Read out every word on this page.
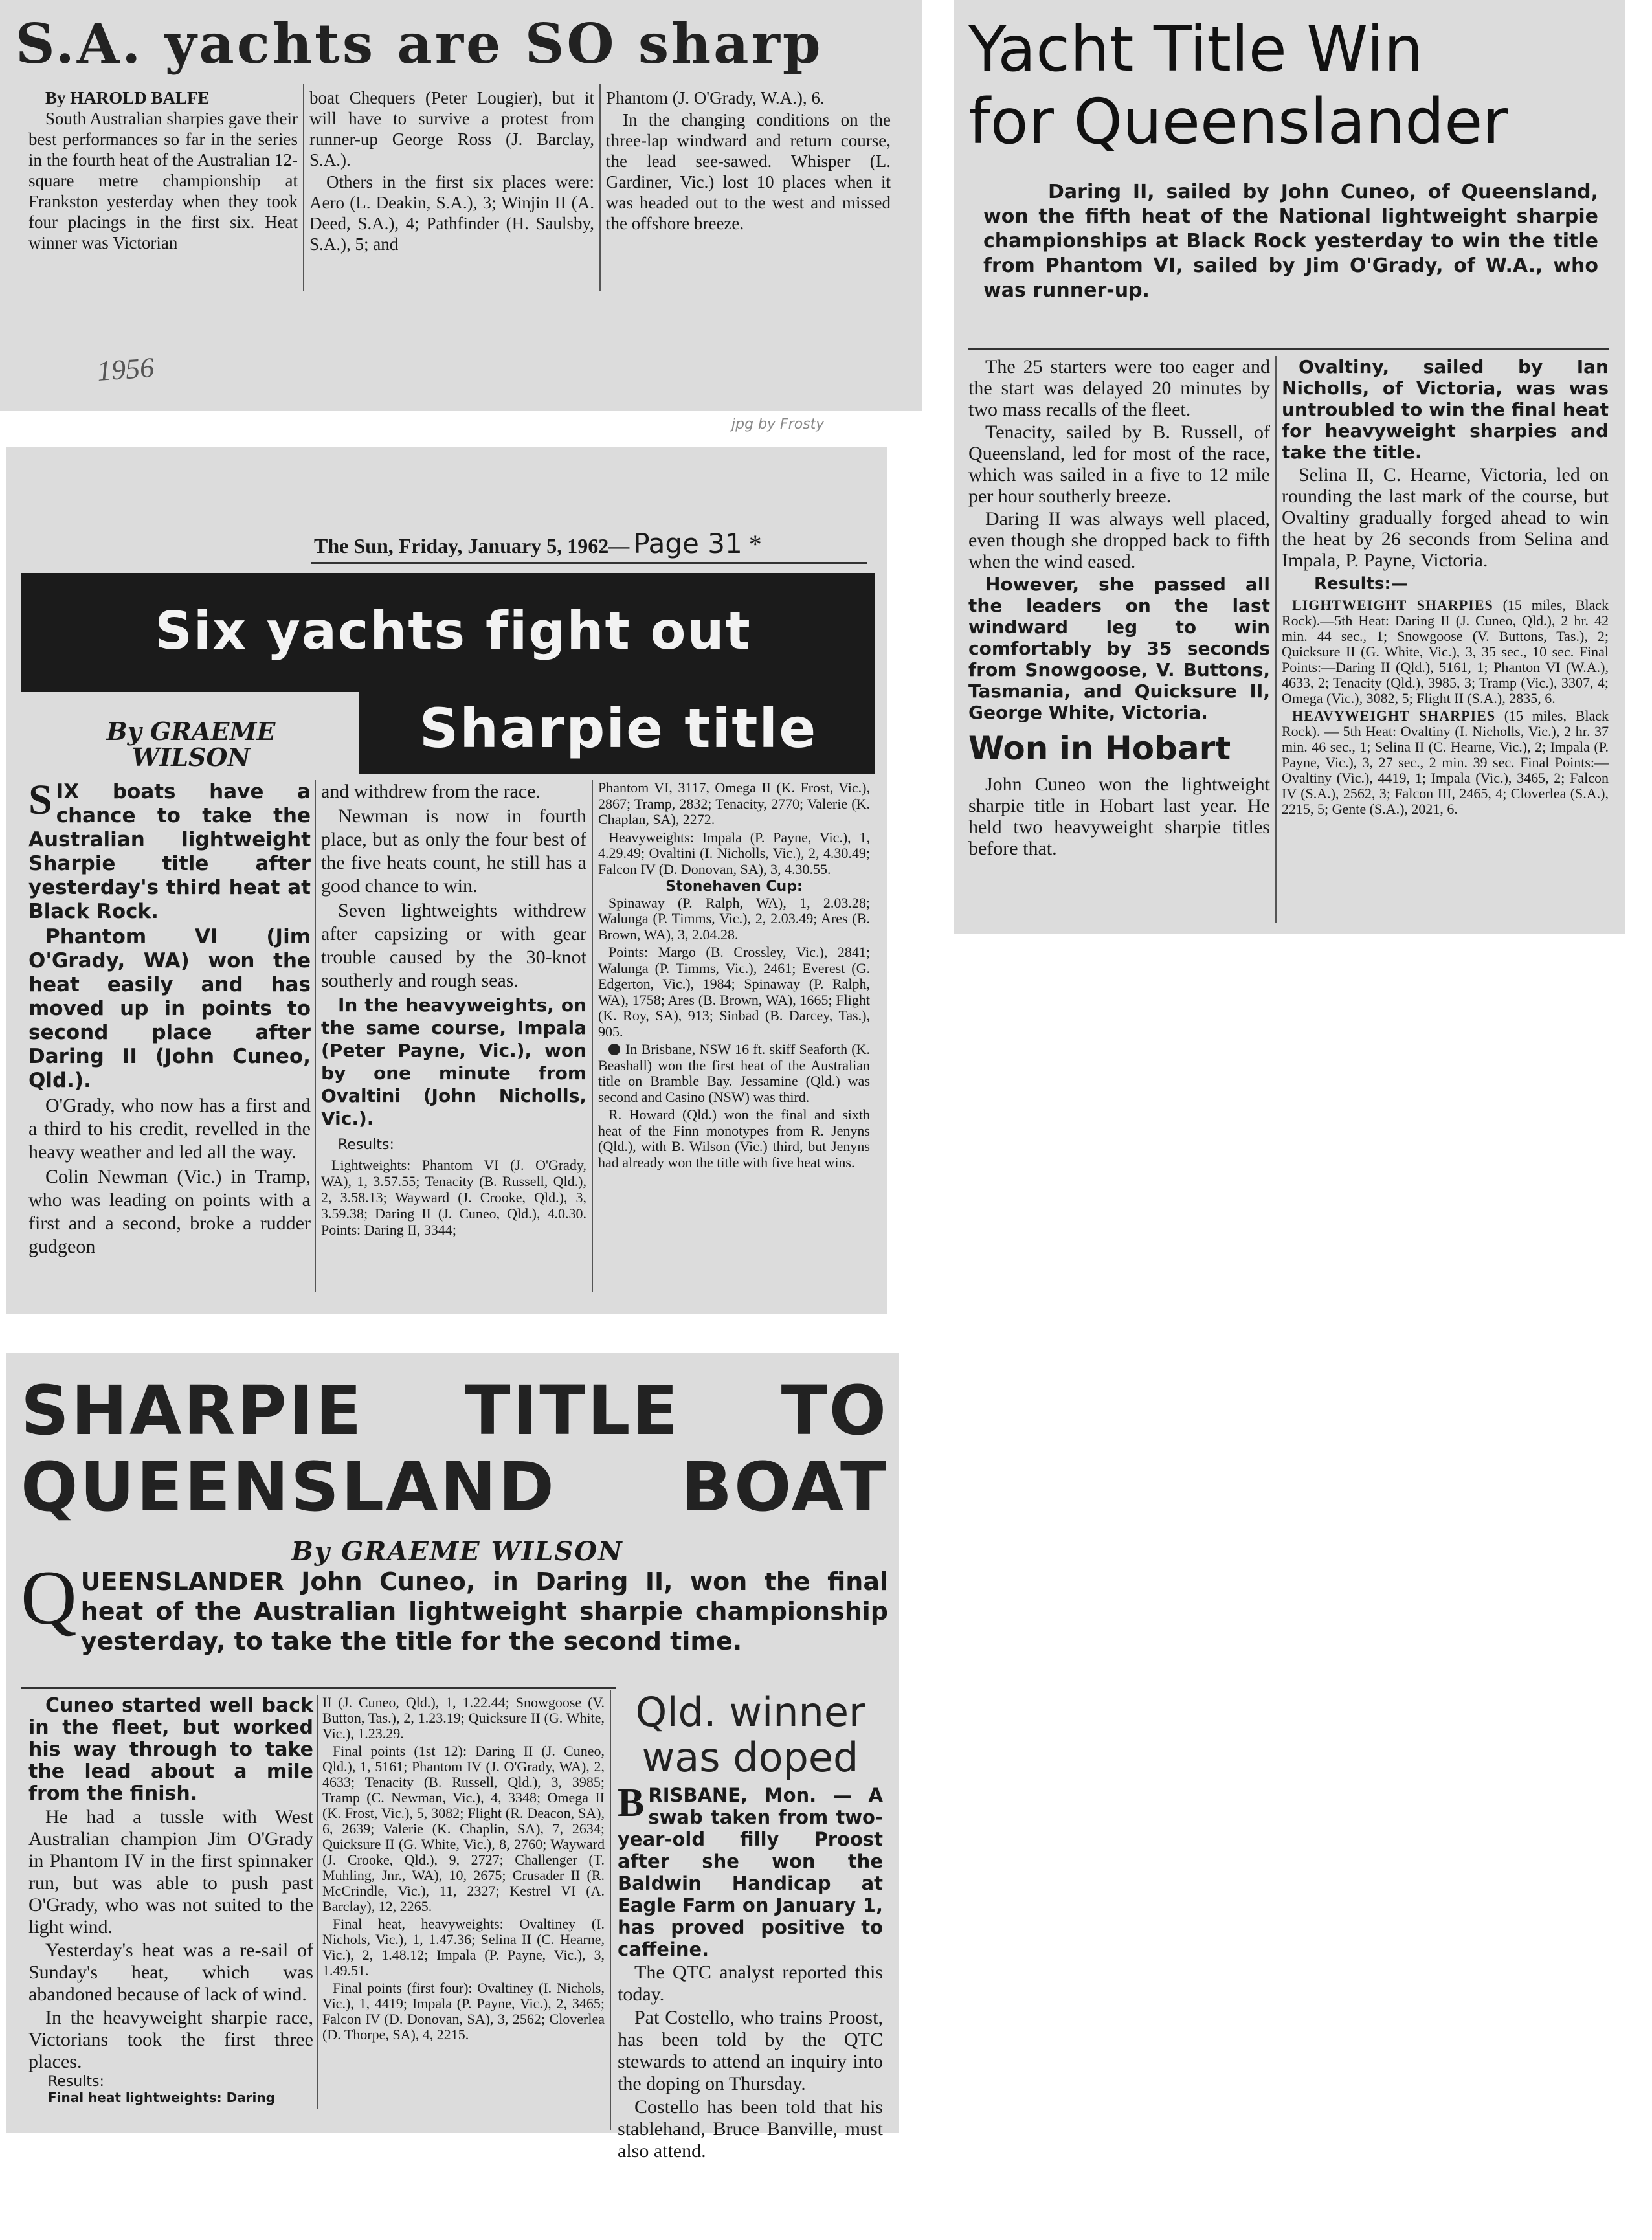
S.A. yachts are SO sharp
By HAROLD BALFE

South Australian sharpies gave their best performances so far in the series in the fourth heat of the Australian 12-square metre championship at Frankston yesterday when they took four placings in the first six. Heat winner was Victorian

boat Chequers (Peter Lougier), but it will have to survive a protest from runner-up George Ross (J. Barclay, S.A.).

Others in the first six places were: Aero (L. Deakin, S.A.), 3; Winjin II (A. Deed, S.A.), 4; Pathfinder (H. Saulsby, S.A.), 5; and

Phantom (J. O'Grady, W.A.), 6.

In the changing conditions on the three-lap windward and return course, the lead see-sawed. Whisper (L. Gardiner, Vic.) lost 10 places when it was headed out to the west and missed the offshore breeze.

1956
jpg by Frosty
The Sun, Friday, January 5, 1962— Page 31 *
Six yachts fight out
Sharpie title
By GRAEME
WILSON

SIX boats have a chance to take the Australian lightweight Sharpie title after yesterday's third heat at Black Rock.

Phantom VI (Jim O'Grady, WA) won the heat easily and has moved up in points to second place after Daring II (John Cuneo, Qld.).

O'Grady, who now has a first and a third to his credit, revelled in the heavy weather and led all the way.

Colin Newman (Vic.) in Tramp, who was leading on points with a first and a second, broke a rudder gudgeon

and withdrew from the race.

Newman is now in fourth place, but as only the four best of the five heats count, he still has a good chance to win.

Seven lightweights withdrew after capsizing or with gear trouble caused by the 30-knot southerly and rough seas.

In the heavyweights, on the same course, Impala (Peter Payne, Vic.), won by one minute from Ovaltini (John Nicholls, Vic.).

Results:

Lightweights: Phantom VI (J. O'Grady, WA), 1, 3.57.55; Tenacity (B. Russell, Qld.), 2, 3.58.13; Wayward (J. Crooke, Qld.), 3, 3.59.38; Daring II (J. Cuneo, Qld.), 4.0.30. Points: Daring II, 3344;

Phantom VI, 3117, Omega II (K. Frost, Vic.), 2867; Tramp, 2832; Tenacity, 2770; Valerie (K. Chaplan, SA), 2272.

Heavyweights: Impala (P. Payne, Vic.), 1, 4.29.49; Ovaltini (I. Nicholls, Vic.), 2, 4.30.49; Falcon IV (D. Donovan, SA), 3, 4.30.55.

Stonehaven Cup:

Spinaway (P. Ralph, WA), 1, 2.03.28; Walunga (P. Timms, Vic.), 2, 2.03.49; Ares (B. Brown, WA), 3, 2.04.28.

Points: Margo (B. Crossley, Vic.), 2841; Walunga (P. Timms, Vic.), 2461; Everest (G. Edgerton, Vic.), 1984; Spinaway (P. Ralph, WA), 1758; Ares (B. Brown, WA), 1665; Flight (K. Roy, SA), 913; Sinbad (B. Darcey, Tas.), 905.

In Brisbane, NSW 16 ft. skiff Seaforth (K. Beashall) won the first heat of the Australian title on Bramble Bay. Jessamine (Qld.) was second and Casino (NSW) was third.

R. Howard (Qld.) won the final and sixth heat of the Finn monotypes from R. Jenyns (Qld.), with B. Wilson (Vic.) third, but Jenyns had already won the title with five heat wins.

Yacht Title Win
for Queenslander
Daring II, sailed by John Cuneo, of Queensland, won the fifth heat of the National lightweight sharpie championships at Black Rock yesterday to win the title from Phantom VI, sailed by Jim O'Grady, of W.A., who was runner-up.

The 25 starters were too eager and the start was delayed 20 minutes by two mass recalls of the fleet.

Tenacity, sailed by B. Russell, of Queensland, led for most of the race, which was sailed in a five to 12 mile per hour southerly breeze.

Daring II was always well placed, even though she dropped back to fifth when the wind eased.

However, she passed all the leaders on the last windward leg to win comfortably by 35 seconds from Snowgoose, V. Buttons, Tasmania, and Quicksure II, George White, Victoria.

Won in Hobart

John Cuneo won the lightweight sharpie title in Hobart last year. He held two heavyweight sharpie titles before that.

Ovaltiny, sailed by Ian Nicholls, of Victoria, was was untroubled to win the final heat for heavyweight sharpies and take the title.

Selina II, C. Hearne, Victoria, led on rounding the last mark of the course, but Ovaltiny gradually forged ahead to win the heat by 26 seconds from Selina and Impala, P. Payne, Victoria.

Results:—

LIGHTWEIGHT SHARPIES (15 miles, Black Rock).—5th Heat: Daring II (J. Cuneo, Qld.), 2 hr. 42 min. 44 sec., 1; Snowgoose (V. Buttons, Tas.), 2; Quicksure II (G. White, Vic.), 3, 35 sec., 10 sec. Final Points:—Daring II (Qld.), 5161, 1; Phanton VI (W.A.), 4633, 2; Tenacity (Qld.), 3985, 3; Tramp (Vic.), 3307, 4; Omega (Vic.), 3082, 5; Flight II (S.A.), 2835, 6.

HEAVYWEIGHT SHARPIES (15 miles, Black Rock). — 5th Heat: Ovaltiny (I. Nicholls, Vic.), 2 hr. 37 min. 46 sec., 1; Selina II (C. Hearne, Vic.), 2; Impala (P. Payne, Vic.), 3, 27 sec., 2 min. 39 sec. Final Points:—Ovaltiny (Vic.), 4419, 1; Impala (Vic.), 3465, 2; Falcon IV (S.A.), 2562, 3; Falcon III, 2465, 4; Cloverlea (S.A.), 2215, 5; Gente (S.A.), 2021, 6.

SHARPIE TITLE TO
QUEENSLAND BOAT
By GRAEME WILSON
QUEENSLANDER John Cuneo, in Daring II, won the final heat of the Australian lightweight sharpie championship yesterday, to take the title for the second time.

Cuneo started well back in the fleet, but worked his way through to take the lead about a mile from the finish.

He had a tussle with West Australian champion Jim O'Grady in Phantom IV in the first spinnaker run, but was able to push past O'Grady, who was not suited to the light wind.

Yesterday's heat was a re-sail of Sunday's heat, which was abandoned because of lack of wind.

In the heavyweight sharpie race, Victorians took the first three places.

Results:
Final heat lightweights: Daring

II (J. Cuneo, Qld.), 1, 1.22.44; Snowgoose (V. Button, Tas.), 2, 1.23.19; Quicksure II (G. White, Vic.), 1.23.29.

Final points (1st 12): Daring II (J. Cuneo, Qld.), 1, 5161; Phantom IV (J. O'Grady, WA), 2, 4633; Tenacity (B. Russell, Qld.), 3, 3985; Tramp (C. Newman, Vic.), 4, 3348; Omega II (K. Frost, Vic.), 5, 3082; Flight (R. Deacon, SA), 6, 2639; Valerie (K. Chaplin, SA), 7, 2634; Quicksure II (G. White, Vic.), 8, 2760; Wayward (J. Crooke, Qld.), 9, 2727; Challenger (T. Muhling, Jnr., WA), 10, 2675; Crusader II (R. McCrindle, Vic.), 11, 2327; Kestrel VI (A. Barclay), 12, 2265.

Final heat, heavyweights: Ovaltiney (I. Nichols, Vic.), 1, 1.47.36; Selina II (C. Hearne, Vic.), 2, 1.48.12; Impala (P. Payne, Vic.), 3, 1.49.51.

Final points (first four): Ovaltiney (I. Nichols, Vic.), 1, 4419; Impala (P. Payne, Vic.), 2, 3465; Falcon IV (D. Donovan, SA), 3, 2562; Cloverlea (D. Thorpe, SA), 4, 2215.

Qld. winner
was doped

BRISBANE, Mon. — A swab taken from two-year-old filly Proost after she won the Baldwin Handicap at Eagle Farm on January 1, has proved positive to caffeine.

The QTC analyst reported this today.

Pat Costello, who trains Proost, has been told by the QTC stewards to attend an inquiry into the doping on Thursday.

Costello has been told that his stablehand, Bruce Banville, must also attend.
